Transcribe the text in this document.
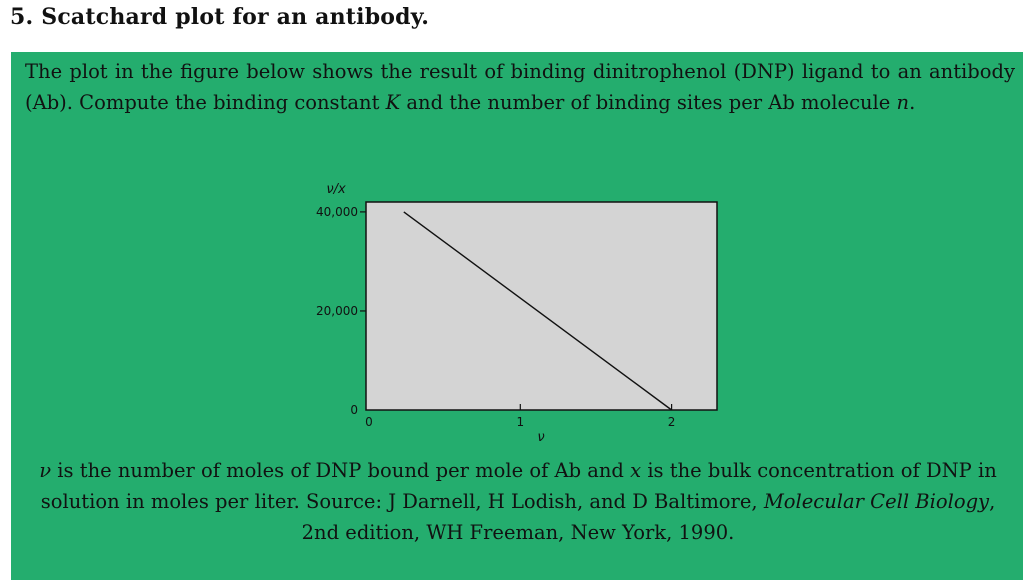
5. Scatchard plot for an antibody.
The plot in the figure below shows the result of binding dinitrophenol (DNP) ligand to an antibody (Ab). Compute the binding constant K and the number of binding sites per Ab molecule n.
ν is the number of moles of DNP bound per mole of Ab and x is the bulk concentration of DNP in solution in moles per liter. Source: J Darnell, H Lodish, and D Baltimore, Molecular Cell Biology, 2nd edition, WH Freeman, New York, 1990.
0
20,000
40,000
0	1	2
ν/x
ν
